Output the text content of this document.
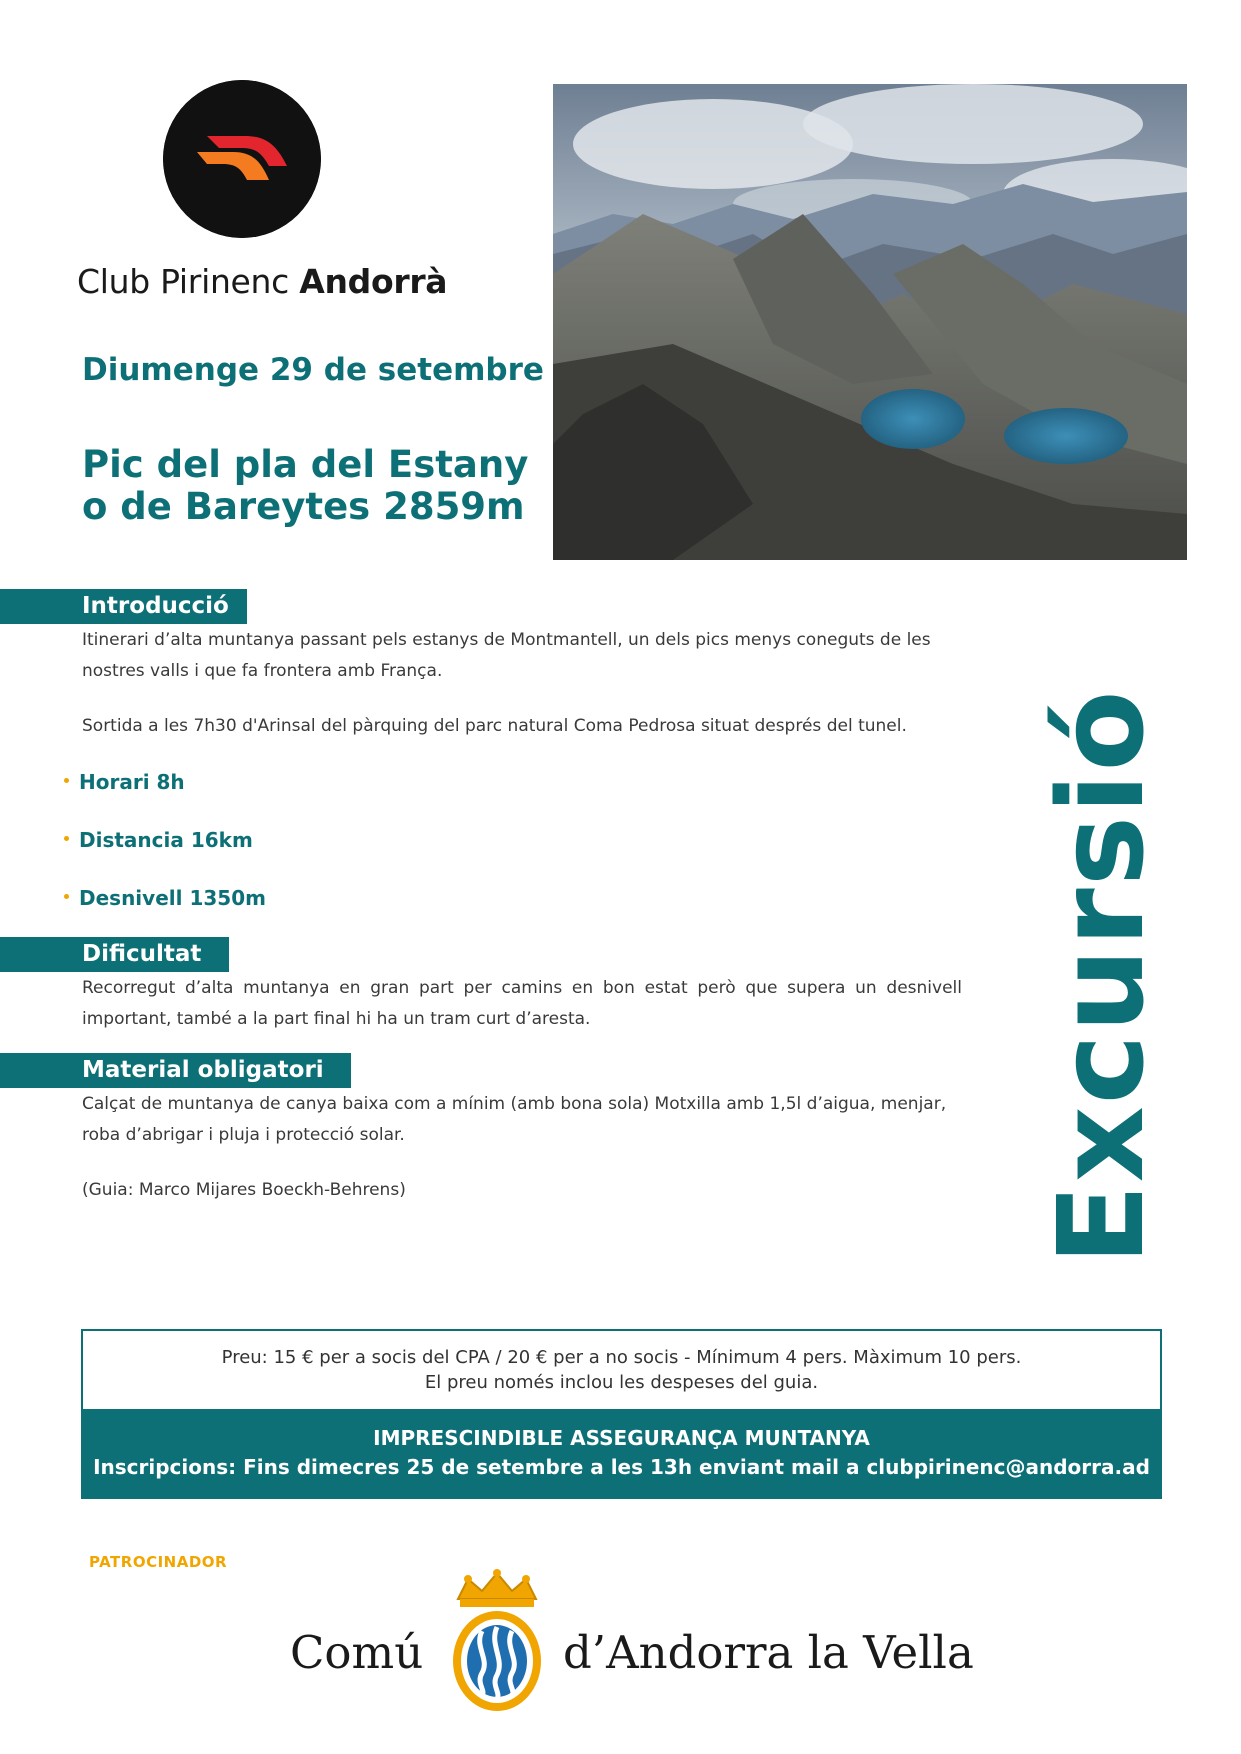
Club Pirinenc Andorrà
Diumenge 29 de setembre
Pic del pla del Estany
o de Bareytes 2859m
Introducció
Itinerari d’alta muntanya passant pels estanys de Montmantell, un dels pics menys coneguts de les nostres valls i que fa frontera amb França.
Sortida a les 7h30 d'Arinsal del pàrquing del parc natural Coma Pedrosa situat després del tunel.
Horari 8h
Distancia 16km
Desnivell 1350m
Dificultat
Recorregut d’alta muntanya en gran part per camins en bon estat però que supera un desnivell important, també a la part final hi ha un tram curt d’aresta.
Material obligatori
Calçat de muntanya de canya baixa com a mínim (amb bona sola) Motxilla amb 1,5l d’aigua, menjar, roba d’abrigar i pluja i protecció solar.
(Guia: Marco Mijares Boeckh-Behrens)	Excursió
Preu: 15 € per a socis del CPA / 20 € per a no socis - Mínimum 4 pers. Màximum 10 pers.
El preu només inclou les despeses del guia.
IMPRESCINDIBLE ASSEGURANÇA MUNTANYA
Inscripcions: Fins dimecres 25 de setembre a les 13h enviant mail a clubpirinenc@andorra.ad
PATROCINADOR
Comú	d’Andorra la Vella
